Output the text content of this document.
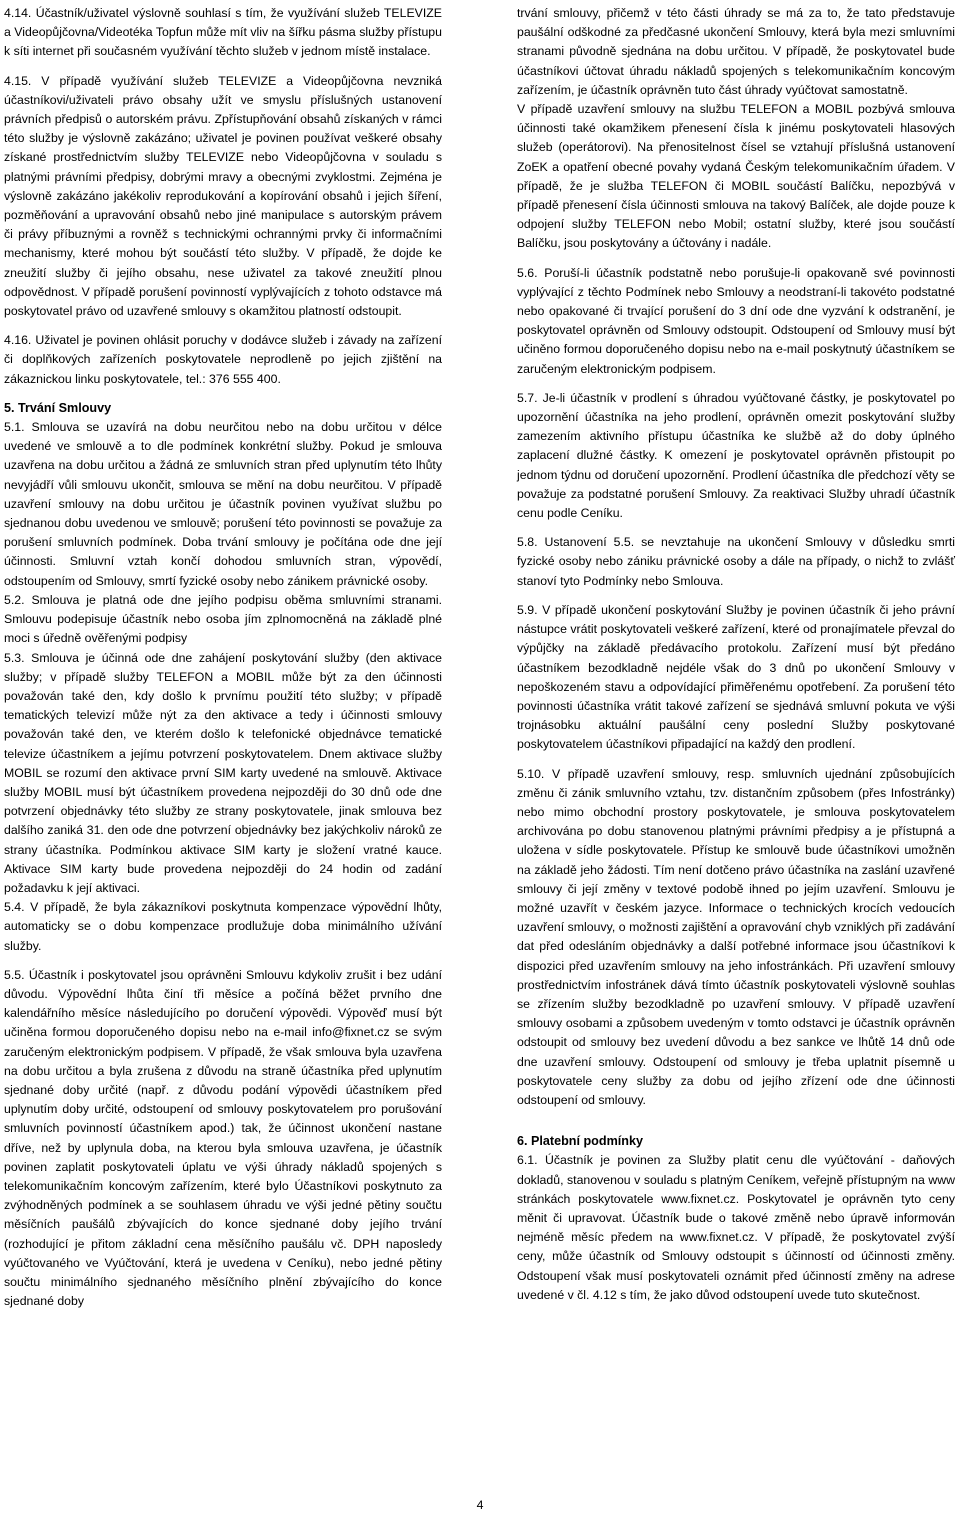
4.14. Účastník/uživatel výslovně souhlasí s tím, že využívání služeb TELEVIZE a Videopůjčovna/Videotéka Topfun může mít vliv na šířku pásma služby přístupu k síti internet při současném využívání těchto služeb v jednom místě instalace.

4.15. V případě využívání služeb TELEVIZE a Videopůjčovna nevzniká účastníkovi/uživateli právo obsahy užít ve smyslu příslušných ustanovení právních předpisů o autorském právu. Zpřístupňování obsahů získaných v rámci této služby je výslovně zakázáno; uživatel je povinen používat veškeré obsahy získané prostřednictvím služby TELEVIZE nebo Videopůjčovna v souladu s platnými právními předpisy, dobrými mravy a obecnými zvyklostmi. Zejména je výslovně zakázáno jakékoliv reprodukování a kopírování obsahů i jejich šíření, pozměňování a upravování obsahů nebo jiné manipulace s autorským právem či právy příbuznými a rovněž s technickými ochrannými prvky či informačními mechanismy, které mohou být součástí této služby. V případě, že dojde ke zneužití služby či jejího obsahu, nese uživatel za takové zneužití plnou odpovědnost. V případě porušení povinností vyplývajících z tohoto odstavce má poskytovatel právo od uzavřené smlouvy s okamžitou platností odstoupit.

4.16. Uživatel je povinen ohlásit poruchy v dodávce služeb i závady na zařízení či doplňkových zařízeních poskytovatele neprodleně po jejich zjištění na zákaznickou linku poskytovatele, tel.: 376 555 400.

5. Trvání Smlouvy

5.1. Smlouva se uzavírá na dobu neurčitou nebo na dobu určitou v délce uvedené ve smlouvě a to dle podmínek konkrétní služby. Pokud je smlouva uzavřena na dobu určitou a žádná ze smluvních stran před uplynutím této lhůty nevyjádří vůli smlouvu ukončit, smlouva se mění na dobu neurčitou. V případě uzavření smlouvy na dobu určitou je účastník povinen využívat službu po sjednanou dobu uvedenou ve smlouvě; porušení této povinnosti se považuje za porušení smluvních podmínek. Doba trvání smlouvy je počítána ode dne její účinnosti. Smluvní vztah končí dohodou smluvních stran, výpovědí, odstoupením od Smlouvy, smrtí fyzické osoby nebo zánikem právnické osoby.

5.2. Smlouva je platná ode dne jejího podpisu oběma smluvními stranami. Smlouvu podepisuje účastník nebo osoba jím zplnomocněná na základě plné moci s úředně ověřenými podpisy

5.3. Smlouva je účinná ode dne zahájení poskytování služby (den aktivace služby; v případě služby TELEFON a MOBIL může být za den účinnosti považován také den, kdy došlo k prvnímu použití této služby; v případě tematických televizí může nýt za den aktivace a tedy i účinnosti smlouvy považován také den, ve kterém došlo k telefonické objednávce tematické televize účastníkem a jejímu potvrzení poskytovatelem. Dnem aktivace služby MOBIL se rozumí den aktivace první SIM karty uvedené na smlouvě. Aktivace služby MOBIL musí být účastníkem provedena nejpozději do 30 dnů ode dne potvrzení objednávky této služby ze strany poskytovatele, jinak smlouva bez dalšího zaniká 31. den ode dne potvrzení objednávky bez jakýchkoliv nároků ze strany účastníka. Podmínkou aktivace SIM karty je složení vratné kauce. Aktivace SIM karty bude provedena nejpozději do 24 hodin od zadání požadavku k její aktivaci.

5.4. V případě, že byla zákazníkovi poskytnuta kompenzace výpovědní lhůty, automaticky se o dobu kompenzace prodlužuje doba minimálního užívání služby.

5.5. Účastník i poskytovatel jsou oprávněni Smlouvu kdykoliv zrušit i bez udání důvodu. Výpovědní lhůta činí tři měsíce a počíná běžet prvního dne kalendářního měsíce následujícího po doručení výpovědi. Výpověď musí být učiněna formou doporučeného dopisu nebo na e-mail info@fixnet.cz se svým zaručeným elektronickým podpisem. V případě, že však smlouva byla uzavřena na dobu určitou a byla zrušena z důvodu na straně účastníka před uplynutím sjednané doby určité (např. z důvodu podání výpovědi účastníkem před uplynutím doby určité, odstoupení od smlouvy poskytovatelem pro porušování smluvních povinností účastníkem apod.) tak, že účinnost ukončení nastane dříve, než by uplynula doba, na kterou byla smlouva uzavřena, je účastník povinen zaplatit poskytovateli úplatu ve výši úhrady nákladů spojených s telekomunikačním koncovým zařízením, které bylo Účastníkovi poskytnuto za zvýhodněných podmínek a se souhlasem úhradu ve výši jedné pětiny součtu měsíčních paušálů zbývajících do konce sjednané doby jejího trvání (rozhodující je přitom základní cena měsíčního paušálu vč. DPH naposledy vyúčtovaného ve Vyúčtování, která je uvedena v Ceníku), nebo jedné pětiny součtu minimálního sjednaného měsíčního plnění zbývajícího do konce sjednané doby

trvání smlouvy, přičemž v této části úhrady se má za to, že tato představuje paušální odškodné za předčasné ukončení Smlouvy, která byla mezi smluvními stranami původně sjednána na dobu určitou. V případě, že poskytovatel bude účastníkovi účtovat úhradu nákladů spojených s telekomunikačním koncovým zařízením, je účastník oprávněn tuto část úhrady vyúčtovat samostatně.

V případě uzavření smlouvy na službu TELEFON a MOBIL pozbývá smlouva účinnosti také okamžikem přenesení čísla k jinému poskytovateli hlasových služeb (operátorovi). Na přenositelnost čísel se vztahují příslušná ustanovení ZoEK a opatření obecné povahy vydaná Českým telekomunikačním úřadem. V případě, že je služba TELEFON či MOBIL součástí Balíčku, nepozbývá v případě přenesení čísla účinnosti smlouva na takový Balíček, ale dojde pouze k odpojení služby TELEFON nebo Mobil; ostatní služby, které jsou součástí Balíčku, jsou poskytovány a účtovány i nadále.

5.6. Poruší-li účastník podstatně nebo porušuje-li opakovaně své povinnosti vyplývající z těchto Podmínek nebo Smlouvy a neodstraní-li takovéto podstatné nebo opakované či trvající porušení do 3 dní ode dne vyzvání k odstranění, je poskytovatel oprávněn od Smlouvy odstoupit. Odstoupení od Smlouvy musí být učiněno formou doporučeného dopisu nebo na e-mail poskytnutý účastníkem se zaručeným elektronickým podpisem.

5.7. Je-li účastník v prodlení s úhradou vyúčtované částky, je poskytovatel po upozornění účastníka na jeho prodlení, oprávněn omezit poskytování služby zamezením aktivního přístupu účastníka ke službě až do doby úplného zaplacení dlužné částky. K omezení je poskytovatel oprávněn přistoupit po jednom týdnu od doručení upozornění. Prodlení účastníka dle předchozí věty se považuje za podstatné porušení Smlouvy. Za reaktivaci Služby uhradí účastník cenu podle Ceníku.

5.8. Ustanovení 5.5. se nevztahuje na ukončení Smlouvy v důsledku smrti fyzické osoby nebo zániku právnické osoby a dále na případy, o nichž to zvlášť stanoví tyto Podmínky nebo Smlouva.

5.9. V případě ukončení poskytování Služby je povinen účastník či jeho právní nástupce vrátit poskytovateli veškeré zařízení, které od pronajímatele převzal do výpůjčky na základě předávacího protokolu. Zařízení musí být předáno účastníkem bezodkladně nejdéle však do 3 dnů po ukončení Smlouvy v nepoškozeném stavu a odpovídající přiměřenému opotřebení. Za porušení této povinnosti účastníka vrátit takové zařízení se sjednává smluvní pokuta ve výši trojnásobku aktuální paušální ceny poslední Služby poskytované poskytovatelem účastníkovi připadající na každý den prodlení.

5.10. V případě uzavření smlouvy, resp. smluvních ujednání způsobujících změnu či zánik smluvního vztahu, tzv. distančním způsobem (přes Infostránky) nebo mimo obchodní prostory poskytovatele, je smlouva poskytovatelem archivována po dobu stanovenou platnými právními předpisy a je přístupná a uložena v sídle poskytovatele. Přístup ke smlouvě bude účastníkovi umožněn na základě jeho žádosti. Tím není dotčeno právo účastníka na zaslání uzavřené smlouvy či její změny v textové podobě ihned po jejím uzavření. Smlouvu je možné uzavřít v českém jazyce. Informace o technických krocích vedoucích uzavření smlouvy, o možnosti zajištění a opravování chyb vzniklých při zadávání dat před odesláním objednávky a další potřebné informace jsou účastníkovi k dispozici před uzavřením smlouvy na jeho infostránkách. Při uzavření smlouvy prostřednictvím infostránek dává tímto účastník poskytovateli výslovně souhlas se zřízením služby bezodkladně po uzavření smlouvy. V případě uzavření smlouvy osobami a způsobem uvedeným v tomto odstavci je účastník oprávněn odstoupit od smlouvy bez uvedení důvodu a bez sankce ve lhůtě 14 dnů ode dne uzavření smlouvy. Odstoupení od smlouvy je třeba uplatnit písemně u poskytovatele ceny služby za dobu od jejího zřízení ode dne účinnosti odstoupení od smlouvy.

6. Platební podmínky

6.1. Účastník je povinen za Služby platit cenu dle vyúčtování - daňových dokladů, stanovenou v souladu s platným Ceníkem, veřejně přístupným na www stránkách poskytovatele www.fixnet.cz. Poskytovatel je oprávněn tyto ceny měnit či upravovat. Účastník bude o takové změně nebo úpravě informován nejméně měsíc předem na www.fixnet.cz. V případě, že poskytovatel zvýší ceny, může účastník od Smlouvy odstoupit s účinností od účinnosti změny. Odstoupení však musí poskytovateli oznámit před účinností změny na adrese uvedené v čl. 4.12 s tím, že jako důvod odstoupení uvede tuto skutečnost.

4
